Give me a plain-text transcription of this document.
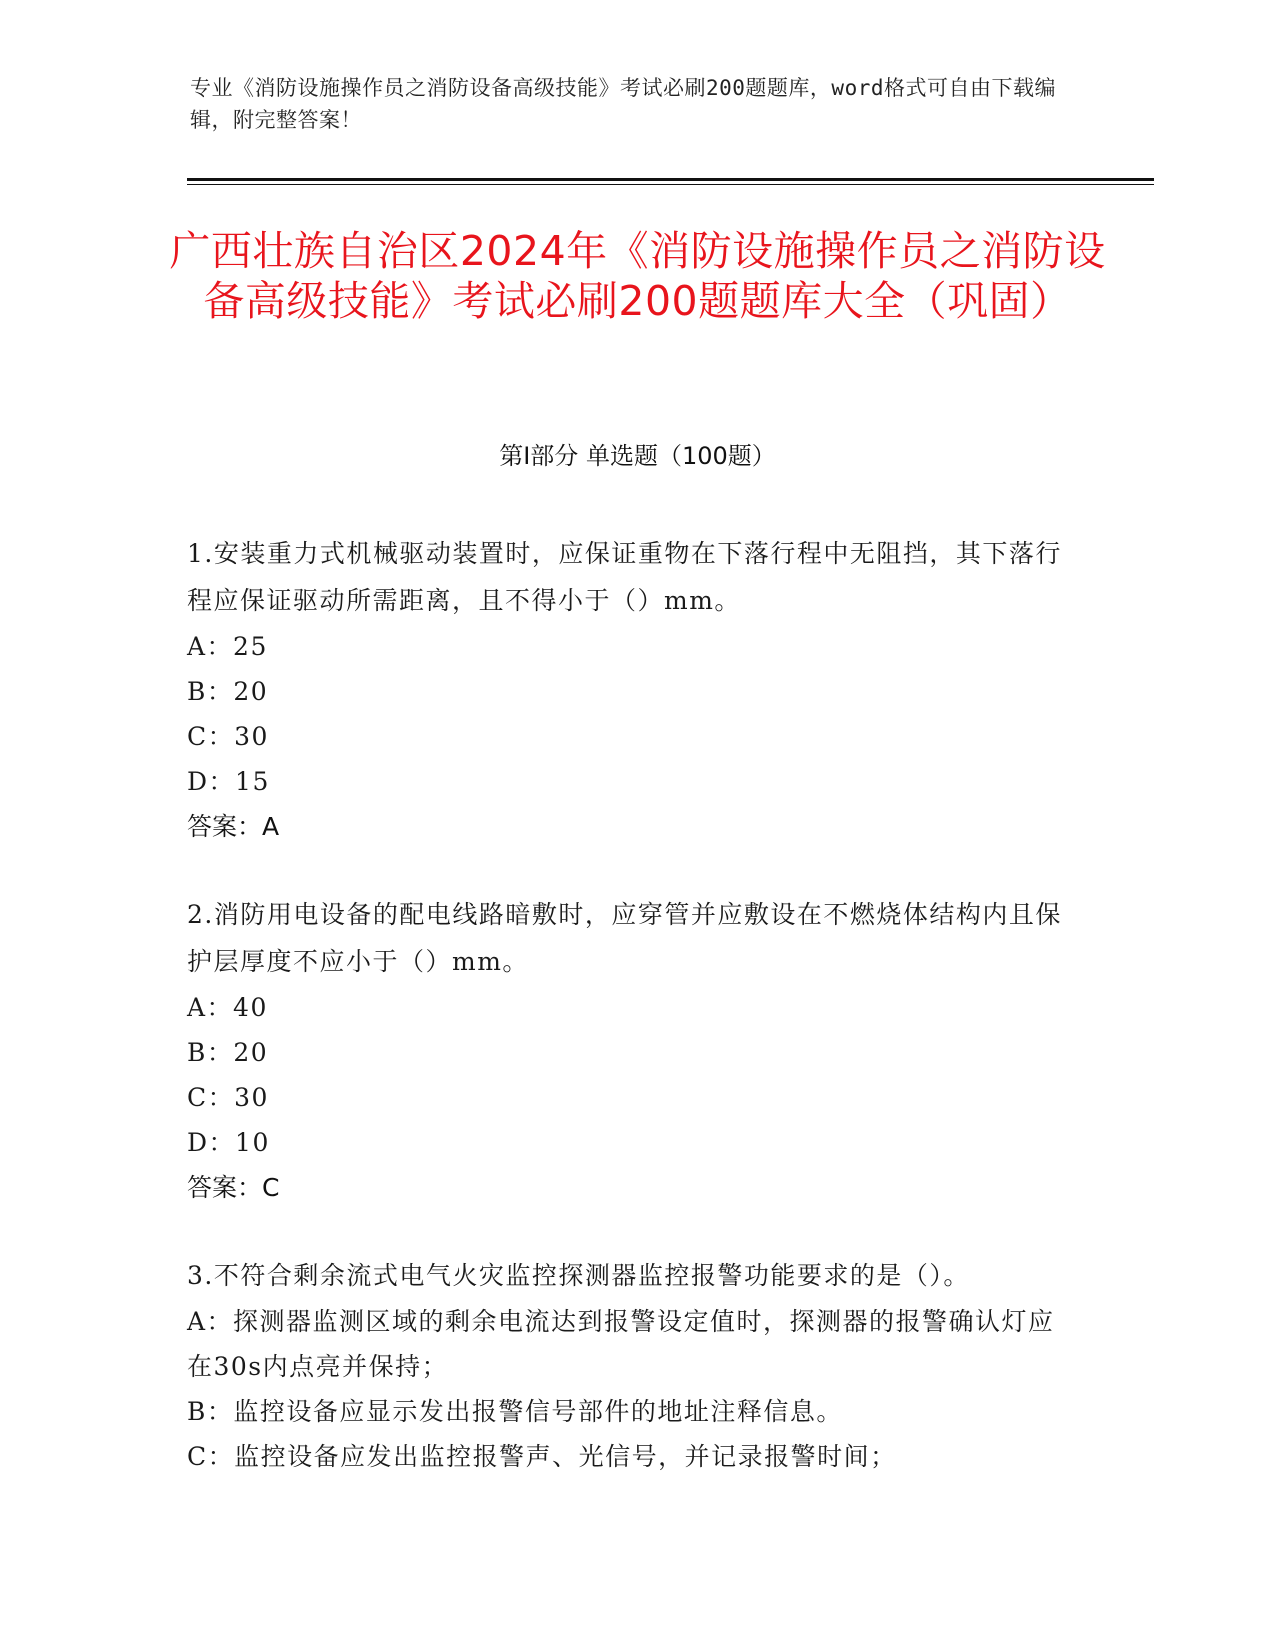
专业《消防设施操作员之消防设备高级技能》考试必刷200题题库，word格式可自由下载编辑，附完整答案！
广西壮族自治区2024年《消防设施操作员之消防设备高级技能》考试必刷200题题库大全（巩固）
第I部分 单选题（100题）
1.安装重力式机械驱动装置时，应保证重物在下落行程中无阻挡，其下落行程应保证驱动所需距离，且不得小于（）mm。
A：25
B：20
C：30
D：15
答案：A
2.消防用电设备的配电线路暗敷时，应穿管并应敷设在不燃烧体结构内且保护层厚度不应小于（）mm。
A：40
B：20
C：30
D：10
答案：C
3.不符合剩余流式电气火灾监控探测器监控报警功能要求的是（）。
A：探测器监测区域的剩余电流达到报警设定值时，探测器的报警确认灯应在30s内点亮并保持；
B：监控设备应显示发出报警信号部件的地址注释信息。
C：监控设备应发出监控报警声、光信号，并记录报警时间；
